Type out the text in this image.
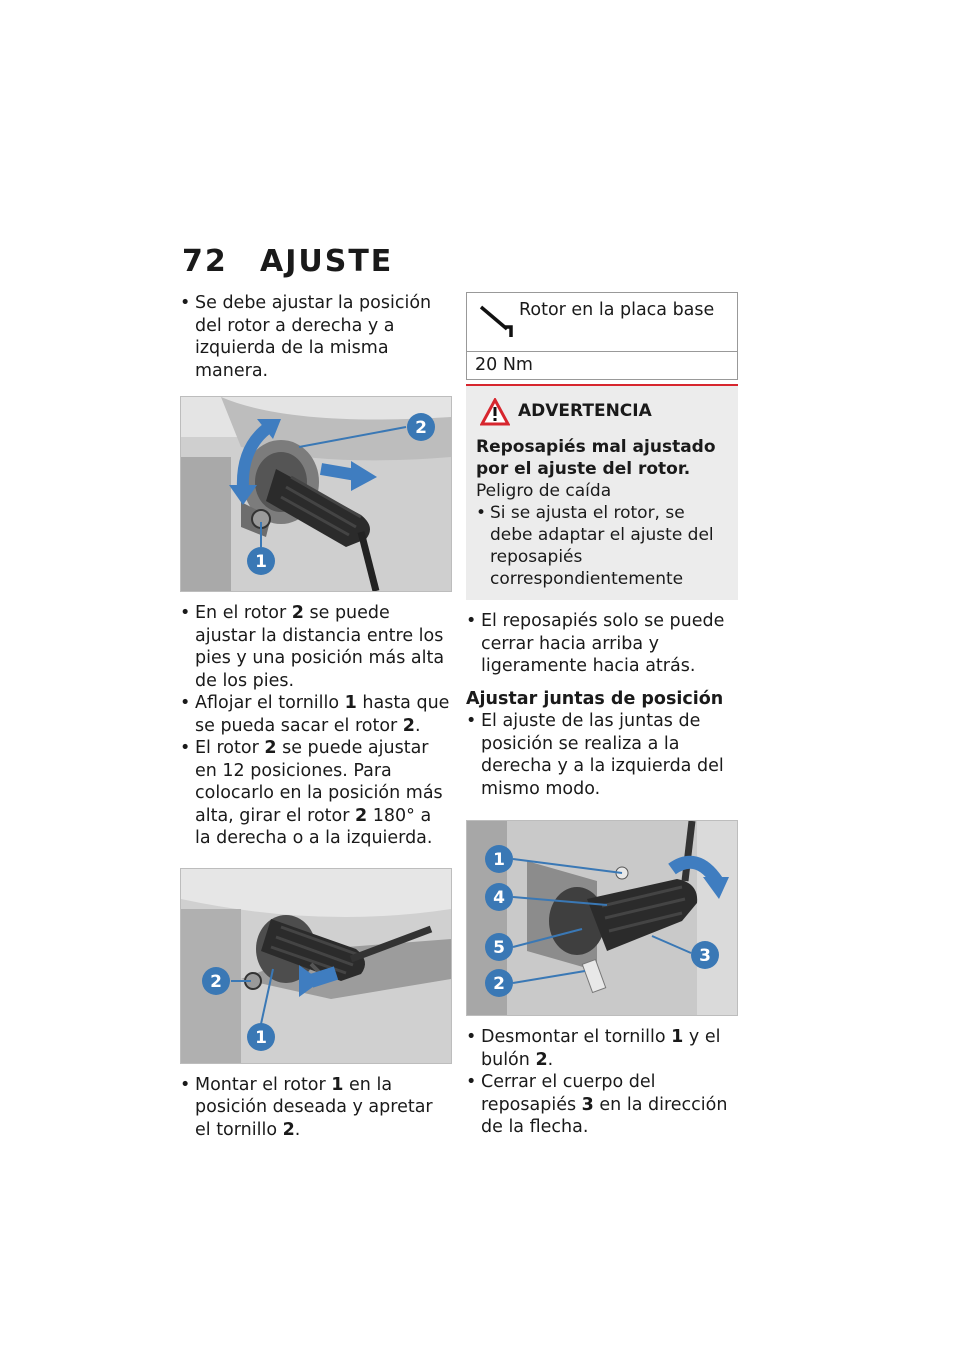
72 AJUSTE

• Se debe ajustar la posición del rotor a derecha y a izquierda de la misma manera.

2
1

• En el rotor 2 se puede ajustar la distancia entre los pies y una posición más alta de los pies.

• Aflojar el tornillo 1 hasta que se pueda sacar el rotor 2.

• El rotor 2 se puede ajustar en 12 posiciones. Para colocarlo en la posición más alta, girar el rotor 2 180° a la derecha o a la izquierda.

2
1

• Montar el rotor 1 en la posición deseada y apretar el tornillo 2.

Rotor en la placa base
20 Nm
ADVERTENCIA
Reposapiés mal ajustado por el ajuste del rotor.
Peligro de caída
• Si se ajusta el rotor, se debe adaptar el ajuste del reposapiés correspondientemente

• El reposapiés solo se puede cerrar hacia arriba y ligeramente hacia atrás.

Ajustar juntas de posición

• El ajuste de las juntas de posición se realiza a la derecha y a la izquierda del mismo modo.

1
4
5
2
3

• Desmontar el tornillo 1 y el bulón 2.

• Cerrar el cuerpo del reposapiés 3 en la dirección de la flecha.
